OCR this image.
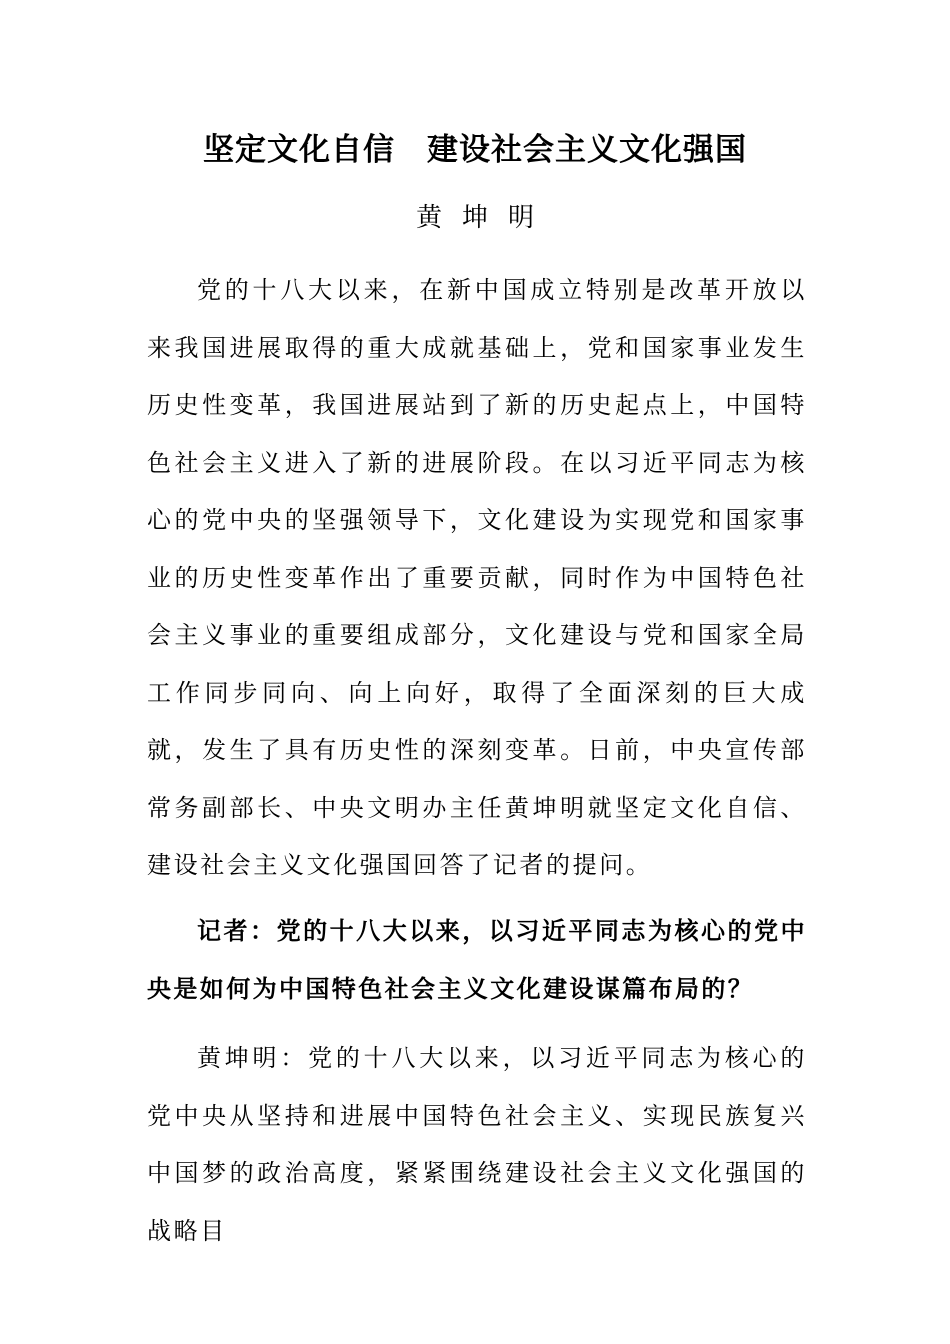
坚定文化自信　建设社会主义文化强国
黄坤明

党的十八大以来，在新中国成立特别是改革开放以来我国进展取得的重大成就基础上，党和国家事业发生历史性变革，我国进展站到了新的历史起点上，中国特色社会主义进入了新的进展阶段。在以习近平同志为核心的党中央的坚强领导下，文化建设为实现党和国家事业的历史性变革作出了重要贡献，同时作为中国特色社会主义事业的重要组成部分，文化建设与党和国家全局工作同步同向、向上向好，取得了全面深刻的巨大成就，发生了具有历史性的深刻变革。日前，中央宣传部常务副部长、中央文明办主任黄坤明就坚定文化自信、建设社会主义文化强国回答了记者的提问。

记者：党的十八大以来，以习近平同志为核心的党中央是如何为中国特色社会主义文化建设谋篇布局的？

黄坤明：党的十八大以来，以习近平同志为核心的党中央从坚持和进展中国特色社会主义、实现民族复兴中国梦的政治高度，紧紧围绕建设社会主义文化强国的战略目
